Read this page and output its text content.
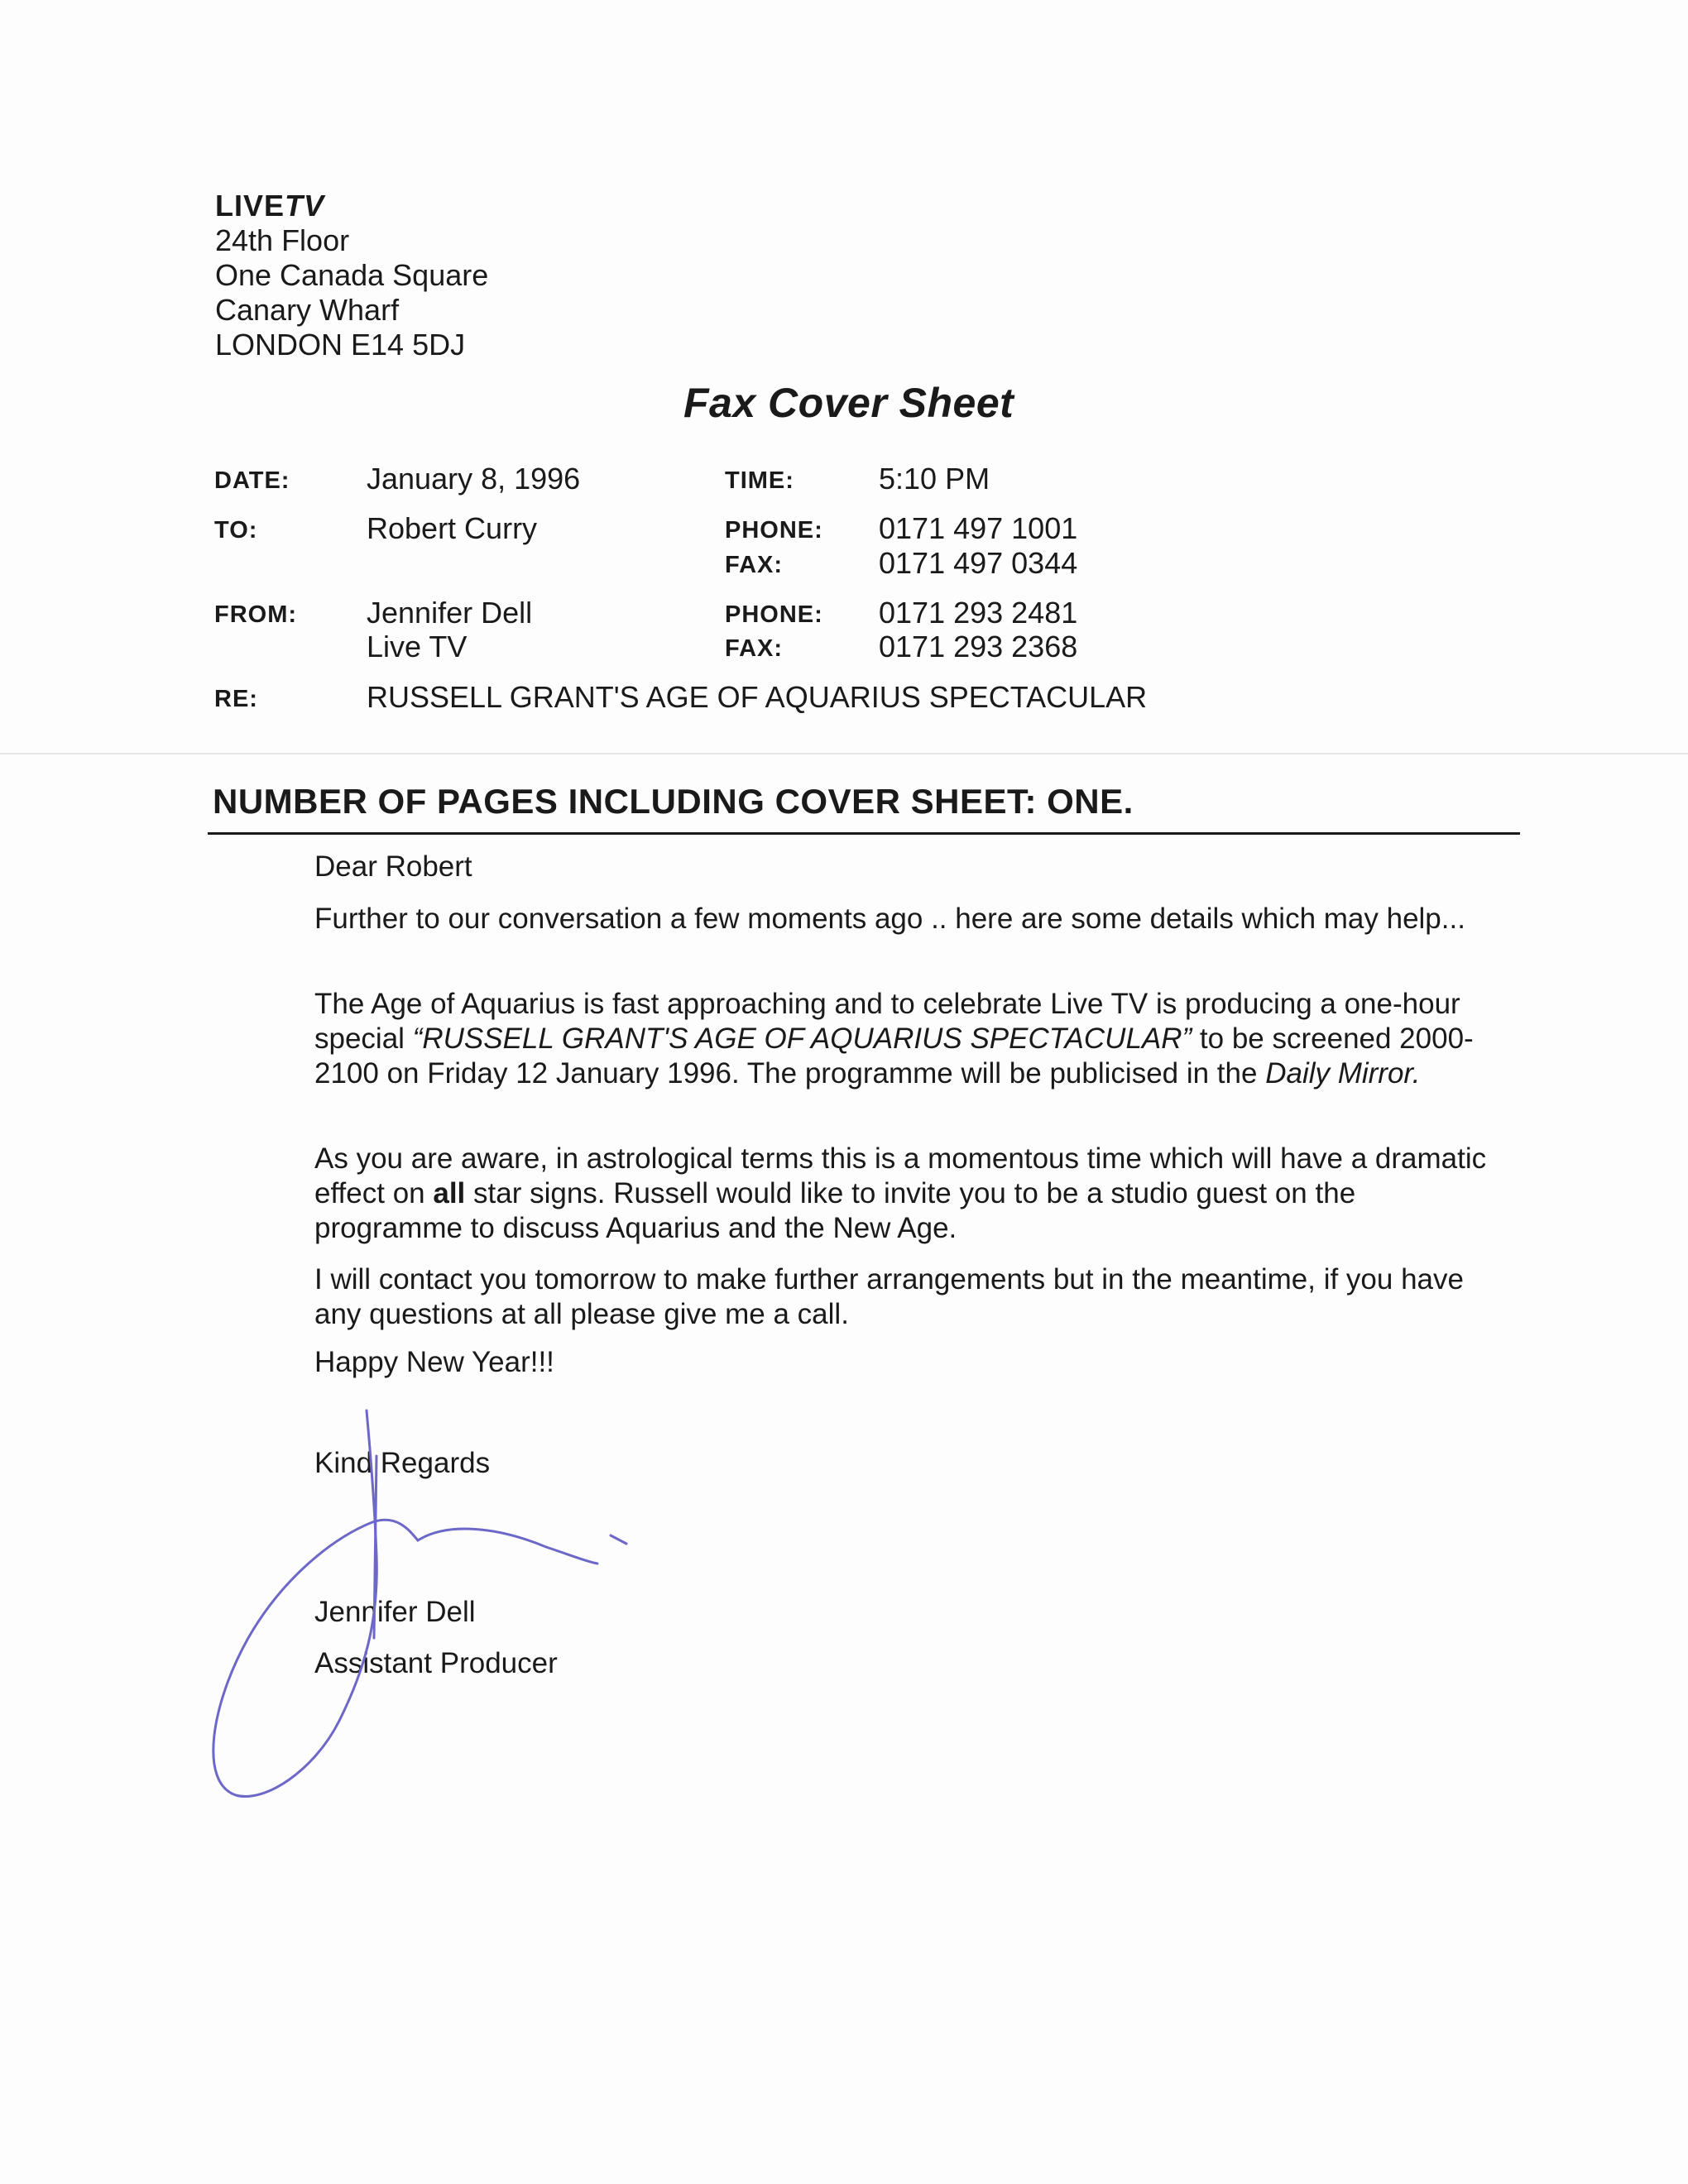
LIVETV
24th Floor
One Canada Square
Canary Wharf
LONDON E14 5DJ
Fax Cover Sheet
DATE:	January 8, 1996	TIME:	5:10 PM
TO:	Robert Curry	PHONE: 0171 497 1001
FAX:	0171 497 0344
FROM: Jennifer Dell
Live TV
PHONE: 0171 293 2481
FAX:	0171 293 2368
RE:	RUSSELL GRANT'S AGE OF AQUARIUS SPECTACULAR
NUMBER OF PAGES INCLUDING COVER SHEET: ONE.
Dear Robert

Further to our conversation a few moments ago .. here are some details which may help...

The Age of Aquarius is fast approaching and to celebrate Live TV is producing a one-hour special “RUSSELL GRANT'S AGE OF AQUARIUS SPECTACULAR” to be screened 2000-2100 on Friday 12 January 1996. The programme will be publicised in the Daily Mirror.

As you are aware, in astrological terms this is a momentous time which will have a dramatic effect on all star signs. Russell would like to invite you to be a studio guest on the programme to discuss Aquarius and the New Age.

I will contact you tomorrow to make further arrangements but in the meantime, if you have any questions at all please give me a call.

Happy New Year!!!
Kind Regards
Jennifer Dell
Assistant Producer
